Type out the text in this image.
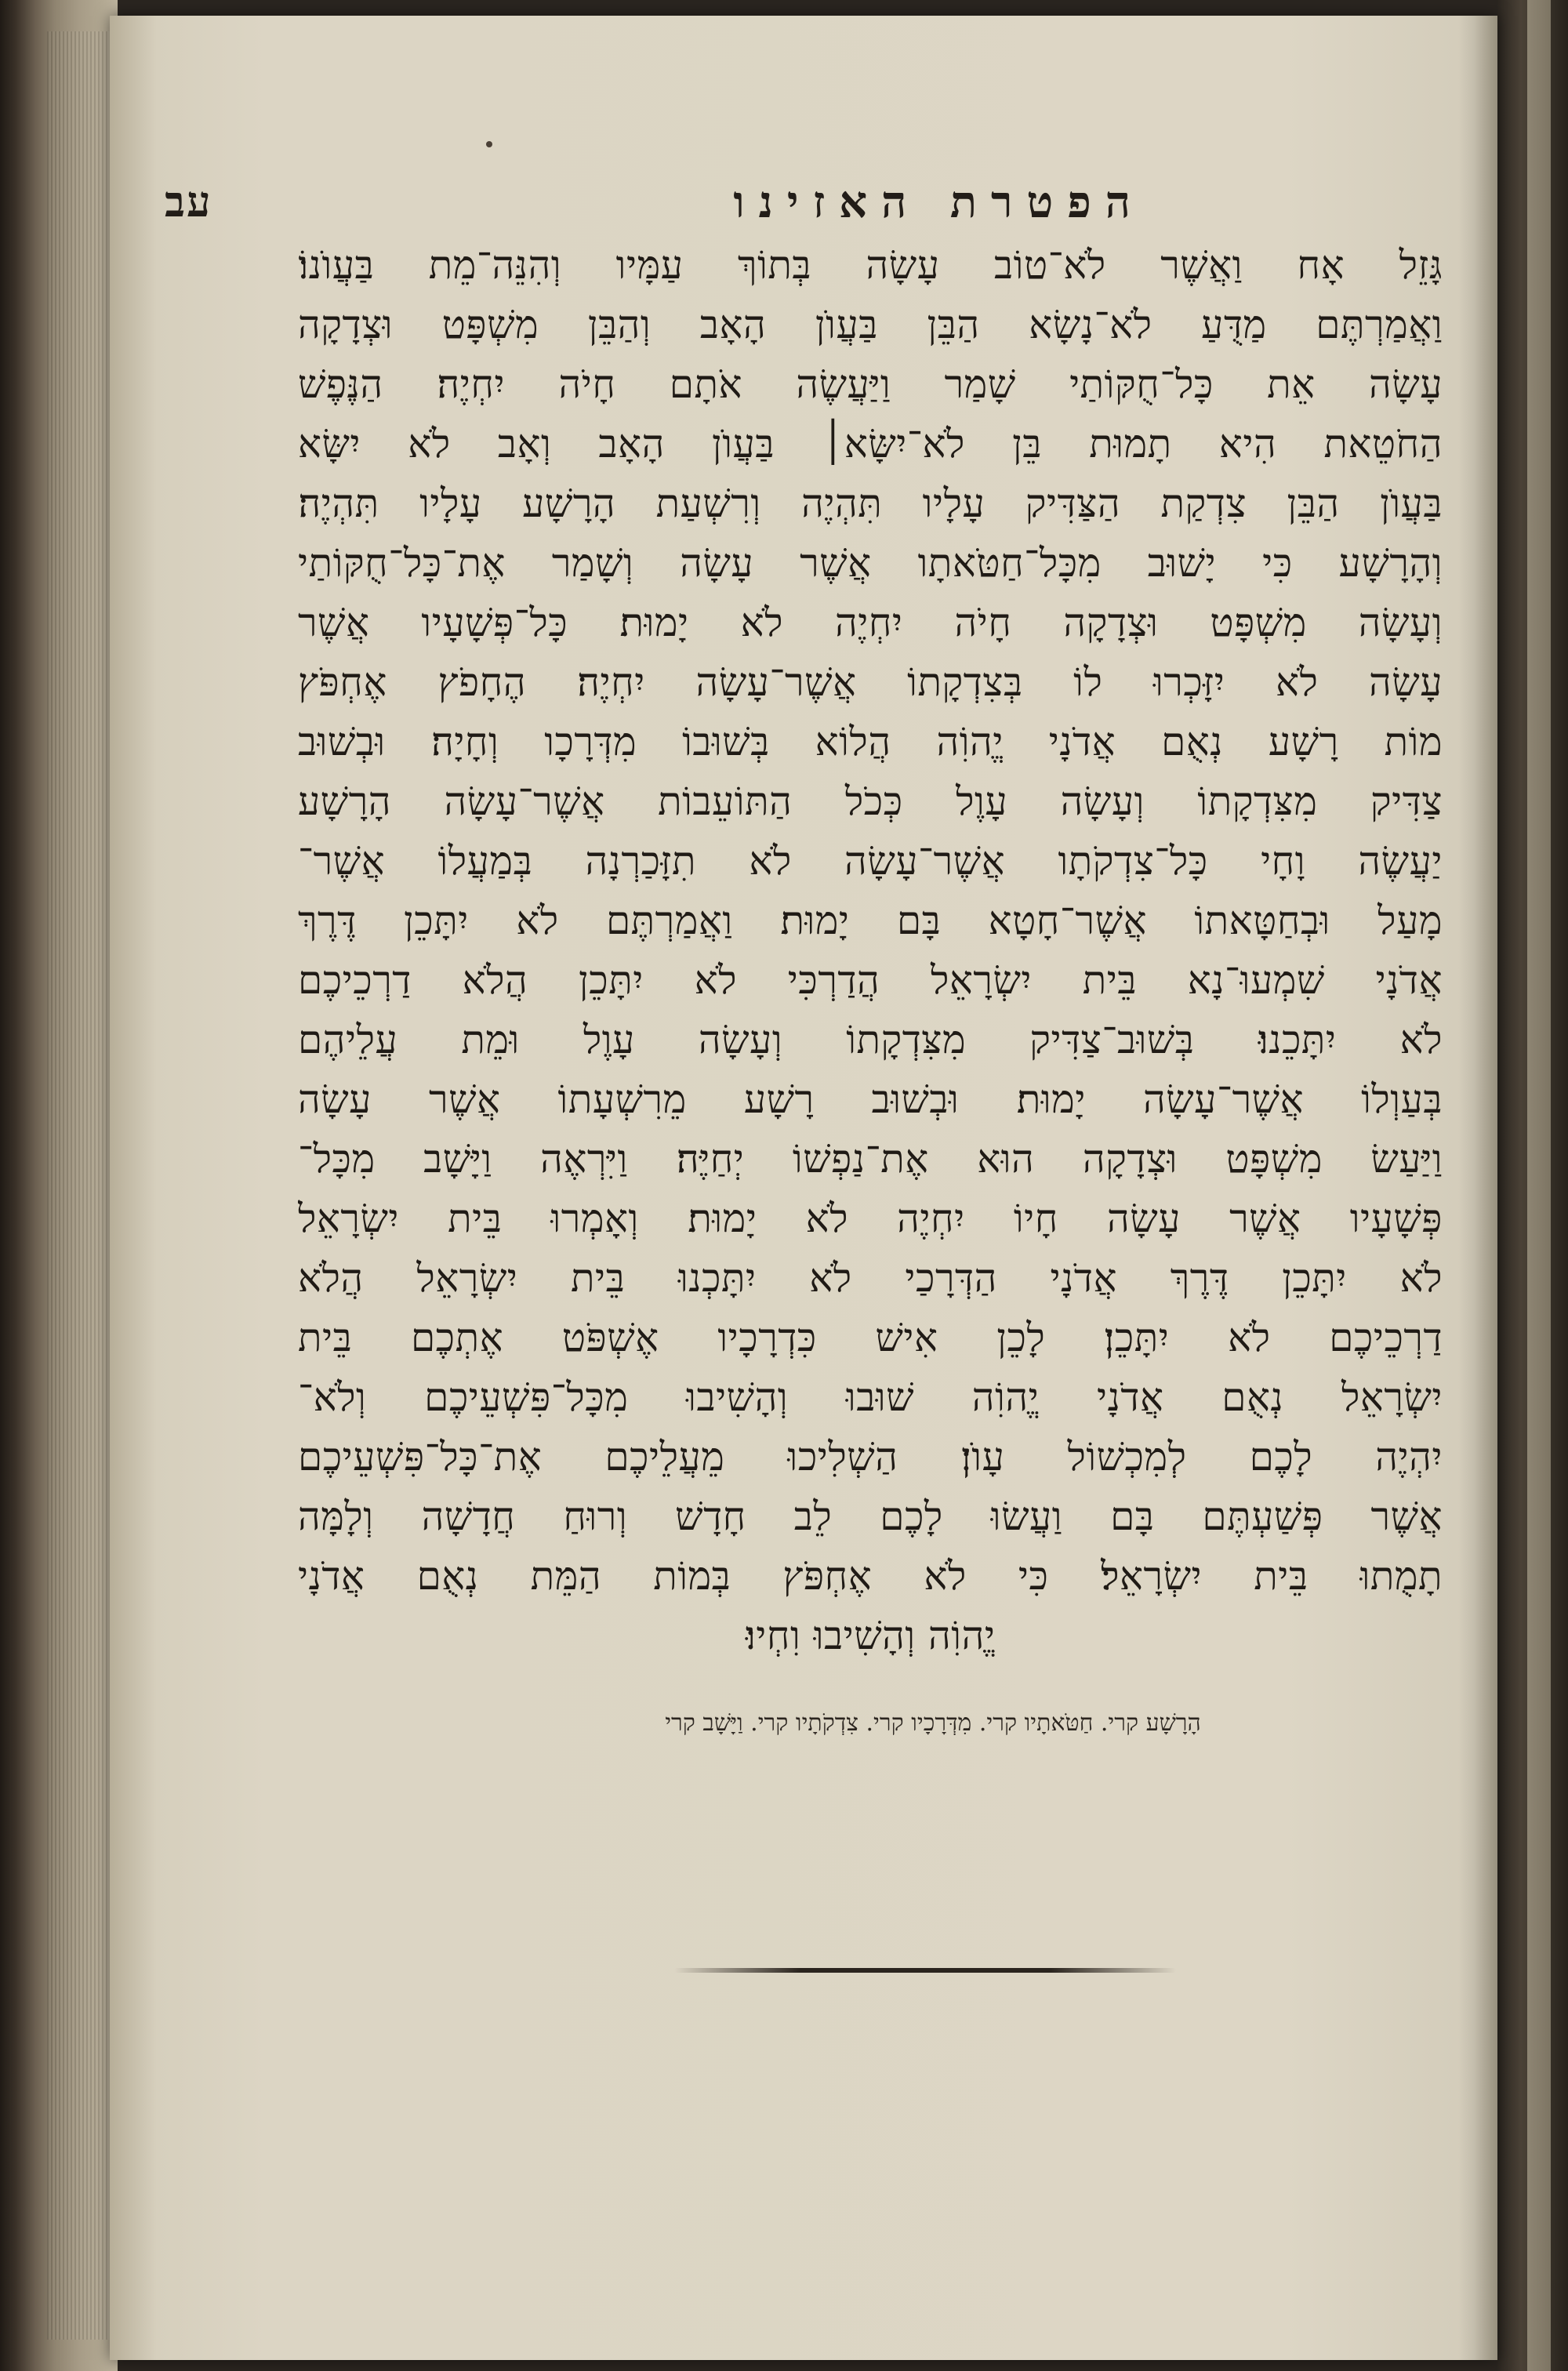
עב	הפטרת האזינו
גָּזֵל אָח וַאֲשֶׁר לֹא־טוֹב עָשָׂה בְּתוֹךְ עַמָּיו וְהִנֵּה־מֵת בַּעֲוֺנוֹ׃
וַאֲמַרְתֶּם מַדֻּעַ לֹא־נָשָׂא הַבֵּן בַּעֲוֺן הָאָב וְהַבֵּן מִשְׁפָּט וּצְדָקָה
עָשָׂה אֵת כָּל־חֻקּוֹתַי שָׁמַר וַיַּעֲשֶׂה אֹתָם חָיֹה יִחְיֶה׃ הַנֶּפֶשׁ
הַחֹטֵאת הִיא תָמוּת בֵּן לֹא־יִשָּׂא׀ בַּעֲוֺן הָאָב וְאָב לֹא יִשָּׂא
בַּעֲוֺן הַבֵּן צִדְקַת הַצַּדִּיק עָלָיו תִּהְיֶה וְרִשְׁעַת הָרָשָׁע עָלָיו תִּהְיֶה׃
וְהָרָשָׁע כִּי יָשׁוּב מִכָּל־חַטֹּאתָו אֲשֶׁר עָשָׂה וְשָׁמַר אֶת־כָּל־חֻקּוֹתַי
וְעָשָׂה מִשְׁפָּט וּצְדָקָה חָיֹה יִחְיֶה לֹא יָמוּת׃ כָּל־פְּשָׁעָיו אֲשֶׁר
עָשָׂה לֹא יִזָּכְרוּ לוֹ בְּצִדְקָתוֹ אֲשֶׁר־עָשָׂה יִחְיֶה׃ הֶחָפֹץ אֶחְפֹּץ
מוֹת רָשָׁע נְאֻם אֲדֹנָי יֱהוִֹה הֲלוֹא בְּשׁוּבוֹ מִדְּרָכָו וְחָיָה׃ וּבְשׁוּב
צַדִּיק מִצִּדְקָתוֹ וְעָשָׂה עָוֶל כְּכֹל הַתּוֹעֵבוֹת אֲשֶׁר־עָשָׂה הָרָשָׁע
יַעֲשֶׂה וָחָי כָּל־צִדְקֹתָו אֲשֶׁר־עָשָׂה לֹא תִזָּכַרְנָה בְּמַעֲלוֹ אֲשֶׁר־
מָעַל וּבְחַטָּאתוֹ אֲשֶׁר־חָטָא בָּם יָמוּת׃ וַאֲמַרְתֶּם לֹא יִתָּכֵן דֶּרֶךְ
אֲדֹנָי שִׁמְעוּ־נָא בֵּית יִשְׂרָאֵל הֲדַרְכִּי לֹא יִתָּכֵן הֲלֹא דַרְכֵיכֶם
לֹא יִתָּכֵנוּ׃ בְּשׁוּב־צַדִּיק מִצִּדְקָתוֹ וְעָשָׂה עָוֶל וּמֵת עֲלֵיהֶם
בְּעַוְלוֹ אֲשֶׁר־עָשָׂה יָמוּת׃ וּבְשׁוּב רָשָׁע מֵרִשְׁעָתוֹ אֲשֶׁר עָשָׂה
וַיַּעַשׂ מִשְׁפָּט וּצְדָקָה הוּא אֶת־נַפְשׁוֹ יְחַיֶּה׃ וַיִּרְאֶה וַיָּשָׁב מִכָּל־
פְּשָׁעָיו אֲשֶׁר עָשָׂה חָיוֹ יִחְיֶה לֹא יָמוּת׃ וְאָמְרוּ בֵּית יִשְׂרָאֵל
לֹא יִתָּכֵן דֶּרֶךְ אֲדֹנָי הַדְּרָכַי לֹא יִתָּכְנוּ בֵּית יִשְׂרָאֵל הֲלֹא
דַרְכֵיכֶם לֹא יִתָּכֵן׃ לָכֵן אִישׁ כִּדְרָכָיו אֶשְׁפֹּט אֶתְכֶם בֵּית
יִשְׂרָאֵל נְאֻם אֲדֹנָי יֱהוִֹה שׁוּבוּ וְהָשִׁיבוּ מִכָּל־פִּשְׁעֵיכֶם וְלֹא־
יִהְיֶה לָכֶם לְמִכְשׁוֹל עָוֺן׃ הַשְׁלִיכוּ מֵעֲלֵיכֶם אֶת־כָּל־פִּשְׁעֵיכֶם
אֲשֶׁר פְּשַׁעְתֶּם בָּם וַעֲשׂוּ לָכֶם לֵב חָדָשׁ וְרוּחַ חֲדָשָׁה וְלָמָּה
תָמֻתוּ בֵּית יִשְׂרָאֵל׃ כִּי לֹא אֶחְפֹּץ בְּמוֹת הַמֵּת נְאֻם אֲדֹנָי
יֱהוִֹה וְהָשִׁיבוּ וִחְיוּ׃
הָרָשָׁע קרי. חַטֹּאתָיו קרי. מִדְּרָכָיו קרי. צִדְקֹתָיו קרי. וַיָּשָׁב קרי
